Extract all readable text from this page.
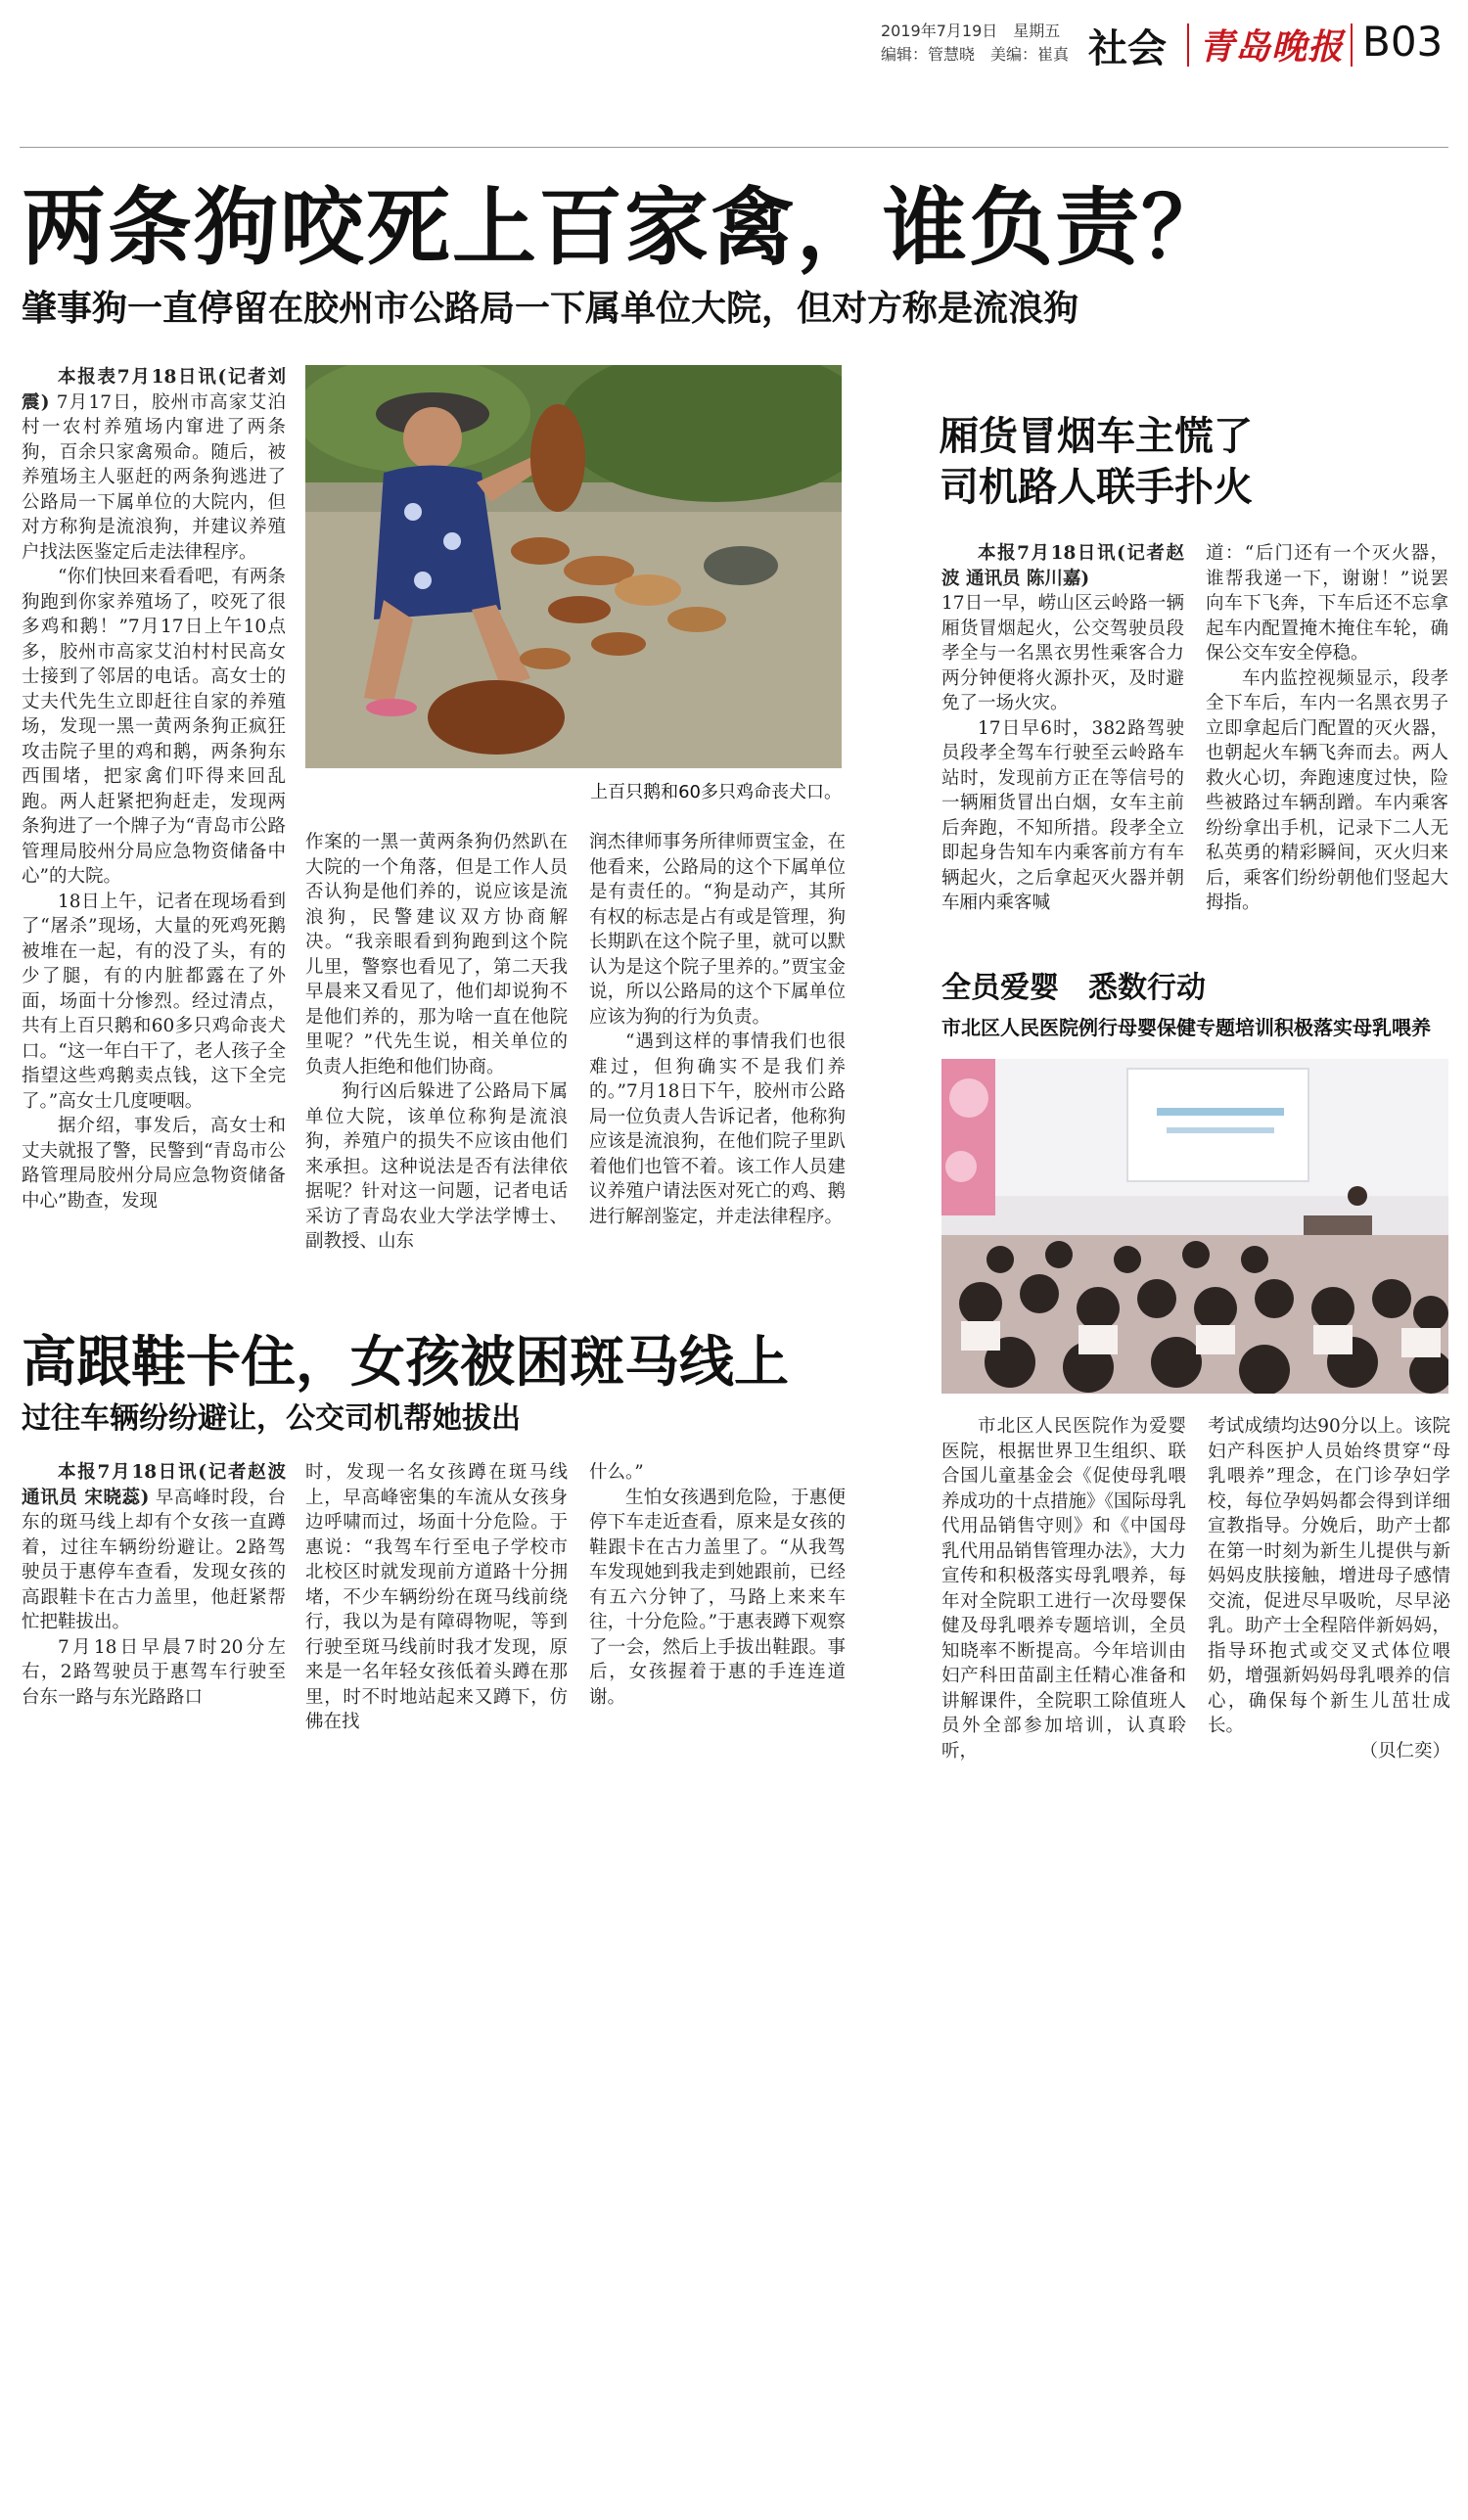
2019年7月19日　 星期五
编辑：管慧晓　 美编：崔真 社会 青岛晚报 B03
两条狗咬死上百家禽，谁负责？
肇事狗一直停留在胶州市公路局一下属单位大院，但对方称是流浪狗
上百只鹅和60多只鸡命丧犬口。

本报表7月18日讯(记者刘震) 7月17日，胶州市高家艾泊村一农村养殖场内窜进了两条狗，百余只家禽殒命。随后，被养殖场主人驱赶的两条狗逃进了公路局一下属单位的大院内，但对方称狗是流浪狗，并建议养殖户找法医鉴定后走法律程序。

“你们快回来看看吧，有两条狗跑到你家养殖场了，咬死了很多鸡和鹅！”7月17日上午10点多，胶州市高家艾泊村村民高女士接到了邻居的电话。高女士的丈夫代先生立即赶往自家的养殖场，发现一黑一黄两条狗正疯狂攻击院子里的鸡和鹅，两条狗东西围堵，把家禽们吓得来回乱跑。两人赶紧把狗赶走，发现两条狗进了一个牌子为“青岛市公路管理局胶州分局应急物资储备中心”的大院。

18日上午，记者在现场看到了“屠杀”现场，大量的死鸡死鹅被堆在一起，有的没了头，有的少了腿，有的内脏都露在了外面，场面十分惨烈。经过清点，共有上百只鹅和60多只鸡命丧犬口。“这一年白干了，老人孩子全指望这些鸡鹅卖点钱，这下全完了。”高女士几度哽咽。

据介绍，事发后，高女士和丈夫就报了警，民警到“青岛市公路管理局胶州分局应急物资储备中心”勘查，发现

作案的一黑一黄两条狗仍然趴在大院的一个角落，但是工作人员否认狗是他们养的，说应该是流浪狗，民警建议双方协商解决。“我亲眼看到狗跑到这个院儿里，警察也看见了，第二天我早晨来又看见了，他们却说狗不是他们养的，那为啥一直在他院里呢？”代先生说，相关单位的负责人拒绝和他们协商。

狗行凶后躲进了公路局下属单位大院，该单位称狗是流浪狗，养殖户的损失不应该由他们来承担。这种说法是否有法律依据呢？针对这一问题，记者电话采访了青岛农业大学法学博士、副教授、山东

润杰律师事务所律师贾宝金，在他看来，公路局的这个下属单位是有责任的。“狗是动产，其所有权的标志是占有或是管理，狗长期趴在这个院子里，就可以默认为是这个院子里养的。”贾宝金说，所以公路局的这个下属单位应该为狗的行为负责。

“遇到这样的事情我们也很难过，但狗确实不是我们养的。”7月18日下午，胶州市公路局一位负责人告诉记者，他称狗应该是流浪狗，在他们院子里趴着他们也管不着。该工作人员建议养殖户请法医对死亡的鸡、鹅进行解剖鉴定，并走法律程序。

厢货冒烟车主慌了
司机路人联手扑火

本报7月18日讯(记者赵波 通讯员 陈川嘉)

17日一早，崂山区云岭路一辆厢货冒烟起火，公交驾驶员段孝全与一名黑衣男性乘客合力两分钟便将火源扑灭，及时避免了一场火灾。

17日早6时，382路驾驶员段孝全驾车行驶至云岭路车站时，发现前方正在等信号的一辆厢货冒出白烟，女车主前后奔跑，不知所措。段孝全立即起身告知车内乘客前方有车辆起火，之后拿起灭火器并朝车厢内乘客喊

道：“后门还有一个灭火器，谁帮我递一下，谢谢！”说罢向车下飞奔，下车后还不忘拿起车内配置掩木掩住车轮，确保公交车安全停稳。

车内监控视频显示，段孝全下车后，车内一名黑衣男子立即拿起后门配置的灭火器，也朝起火车辆飞奔而去。两人救火心切，奔跑速度过快，险些被路过车辆刮蹭。车内乘客纷纷拿出手机，记录下二人无私英勇的精彩瞬间，灭火归来后，乘客们纷纷朝他们竖起大拇指。

全员爱婴　悉数行动
市北区人民医院例行母婴保健专题培训积极落实母乳喂养

市北区人民医院作为爱婴医院，根据世界卫生组织、联合国儿童基金会《促使母乳喂养成功的十点措施》《国际母乳代用品销售守则》和《中国母乳代用品销售管理办法》，大力宣传和积极落实母乳喂养，每年对全院职工进行一次母婴保健及母乳喂养专题培训，全员知晓率不断提高。今年培训由妇产科田苗副主任精心准备和讲解课件，全院职工除值班人员外全部参加培训，认真聆听，

考试成绩均达90分以上。该院妇产科医护人员始终贯穿“母乳喂养”理念，在门诊孕妇学校，每位孕妈妈都会得到详细宣教指导。分娩后，助产士都在第一时刻为新生儿提供与新妈妈皮肤接触，增进母子感情交流，促进尽早吸吮，尽早泌乳。助产士全程陪伴新妈妈，指导环抱式或交叉式体位喂奶，增强新妈妈母乳喂养的信心，确保每个新生儿茁壮成长。

（贝仁奕）
高跟鞋卡住，女孩被困斑马线上
过往车辆纷纷避让，公交司机帮她拔出

本报7月18日讯(记者赵波 通讯员 宋晓蕊) 早高峰时段，台东的斑马线上却有个女孩一直蹲着，过往车辆纷纷避让。2路驾驶员于惠停车查看，发现女孩的高跟鞋卡在古力盖里，他赶紧帮忙把鞋拔出。

7月18日早晨7时20分左右，2路驾驶员于惠驾车行驶至台东一路与东光路路口

时，发现一名女孩蹲在斑马线上，早高峰密集的车流从女孩身边呼啸而过，场面十分危险。于惠说：“我驾车行至电子学校市北校区时就发现前方道路十分拥堵，不少车辆纷纷在斑马线前绕行，我以为是有障碍物呢，等到行驶至斑马线前时我才发现，原来是一名年轻女孩低着头蹲在那里，时不时地站起来又蹲下，仿佛在找

什么。”

生怕女孩遇到危险，于惠便停下车走近查看，原来是女孩的鞋跟卡在古力盖里了。“从我驾车发现她到我走到她跟前，已经有五六分钟了，马路上来来车往，十分危险。”于惠表蹲下观察了一会，然后上手拔出鞋跟。事后，女孩握着于惠的手连连道谢。
